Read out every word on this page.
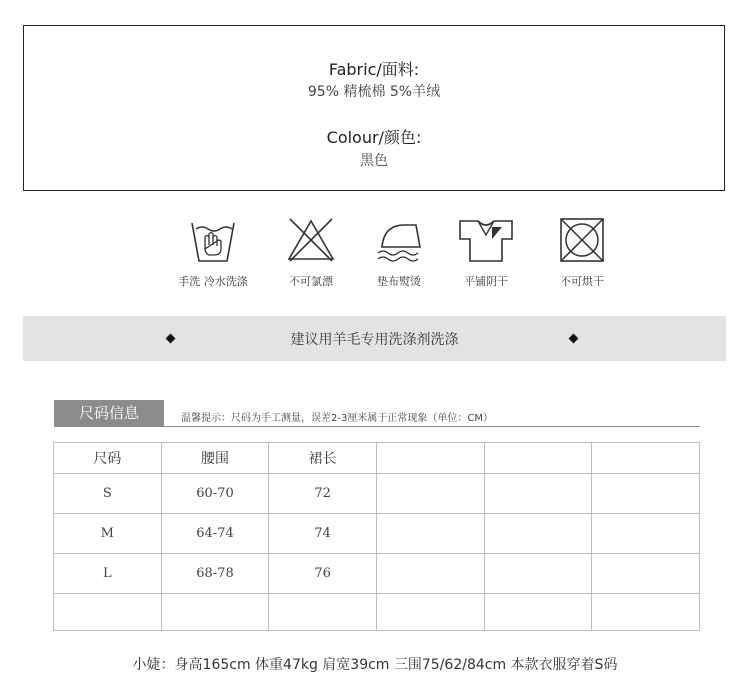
Fabric/面料:
95% 精梳棉 5%羊绒
Colour/颜色:
黑色
手洗 冷水洗涤	不可氯漂	垫布熨烫	平铺阴干	不可烘干
建议用羊毛专用洗涤剂洗涤
尺码信息	温馨提示：尺码为手工测量，误差2-3厘米属于正常现象（单位：CM）
尺码	腰围	裙长			
S	60-70	72			
M	64-74	74			
L	68-78	76			

小婕：身高165cm 体重47kg 肩宽39cm 三围75/62/84cm 本款衣服穿着S码
